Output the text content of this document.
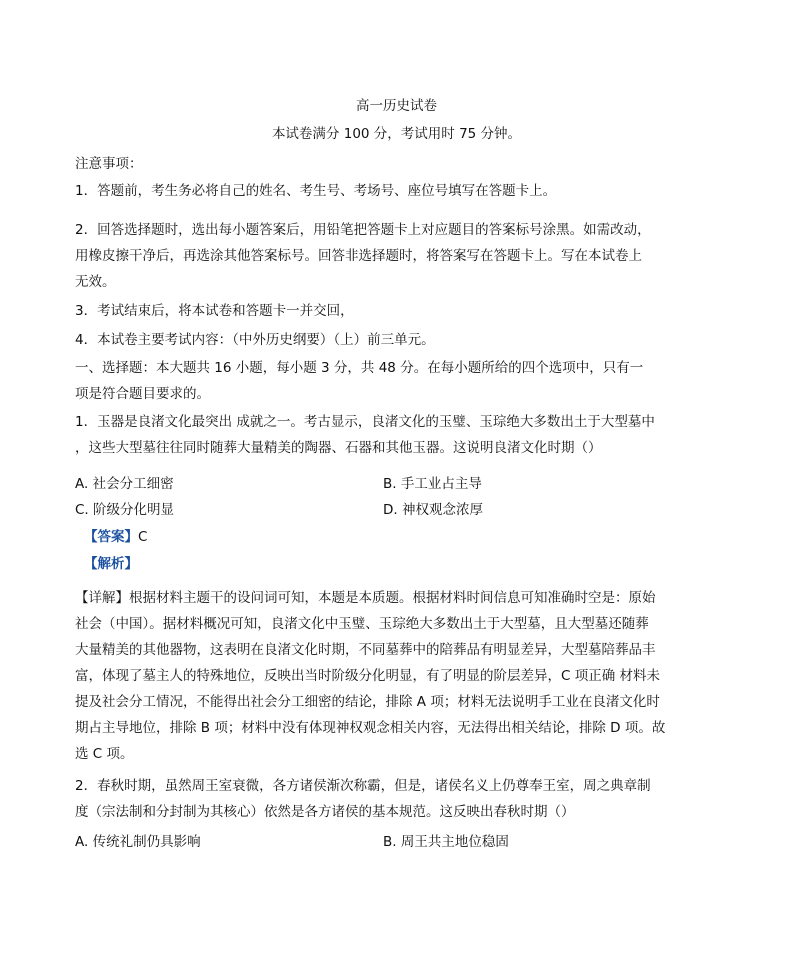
高一历史试卷
本试卷满分 100 分，考试用时 75 分钟。
注意事项：
1．答题前，考生务必将自己的姓名、考生号、考场号、座位号填写在答题卡上。
2．回答选择题时，选出每小题答案后，用铅笔把答题卡上对应题目的答案标号涂黑。如需改动，
用橡皮擦干净后，再选涂其他答案标号。回答非选择题时，将答案写在答题卡上。写在本试卷上
无效。
3．考试结束后，将本试卷和答题卡一并交回，
4．本试卷主要考试内容：（中外历史纲要）（上）前三单元。
一、选择题：本大题共 16 小题，每小题 3 分，共 48 分。在每小题所给的四个选项中，只有一
项是符合题目要求的。
1．玉器是良渚文化最突出 成就之一。考古显示，良渚文化的玉璧、玉琮绝大多数出土于大型墓中
，这些大型墓往往同时随葬大量精美的陶器、石器和其他玉器。这说明良渚文化时期（）
A. 社会分工细密	B. 手工业占主导
C. 阶级分化明显	D. 神权观念浓厚
【答案】C
【解析】
【详解】根据材料主题干的设问词可知，本题是本质题。根据材料时间信息可知准确时空是：原始
社会（中国）。据材料概况可知，良渚文化中玉璧、玉琮绝大多数出土于大型墓，且大型墓还随葬
大量精美的其他器物，这表明在良渚文化时期，不同墓葬中的陪葬品有明显差异，大型墓陪葬品丰
富，体现了墓主人的特殊地位，反映出当时阶级分化明显，有了明显的阶层差异，C 项正确 材料未
提及社会分工情况，不能得出社会分工细密的结论，排除 A 项；材料无法说明手工业在良渚文化时
期占主导地位，排除 B 项；材料中没有体现神权观念相关内容，无法得出相关结论，排除 D 项。故
选 C 项。
2．春秋时期，虽然周王室衰微，各方诸侯渐次称霸，但是，诸侯名义上仍尊奉王室，周之典章制
度（宗法制和分封制为其核心）依然是各方诸侯的基本规范。这反映出春秋时期（）
A. 传统礼制仍具影响	B. 周王共主地位稳固
